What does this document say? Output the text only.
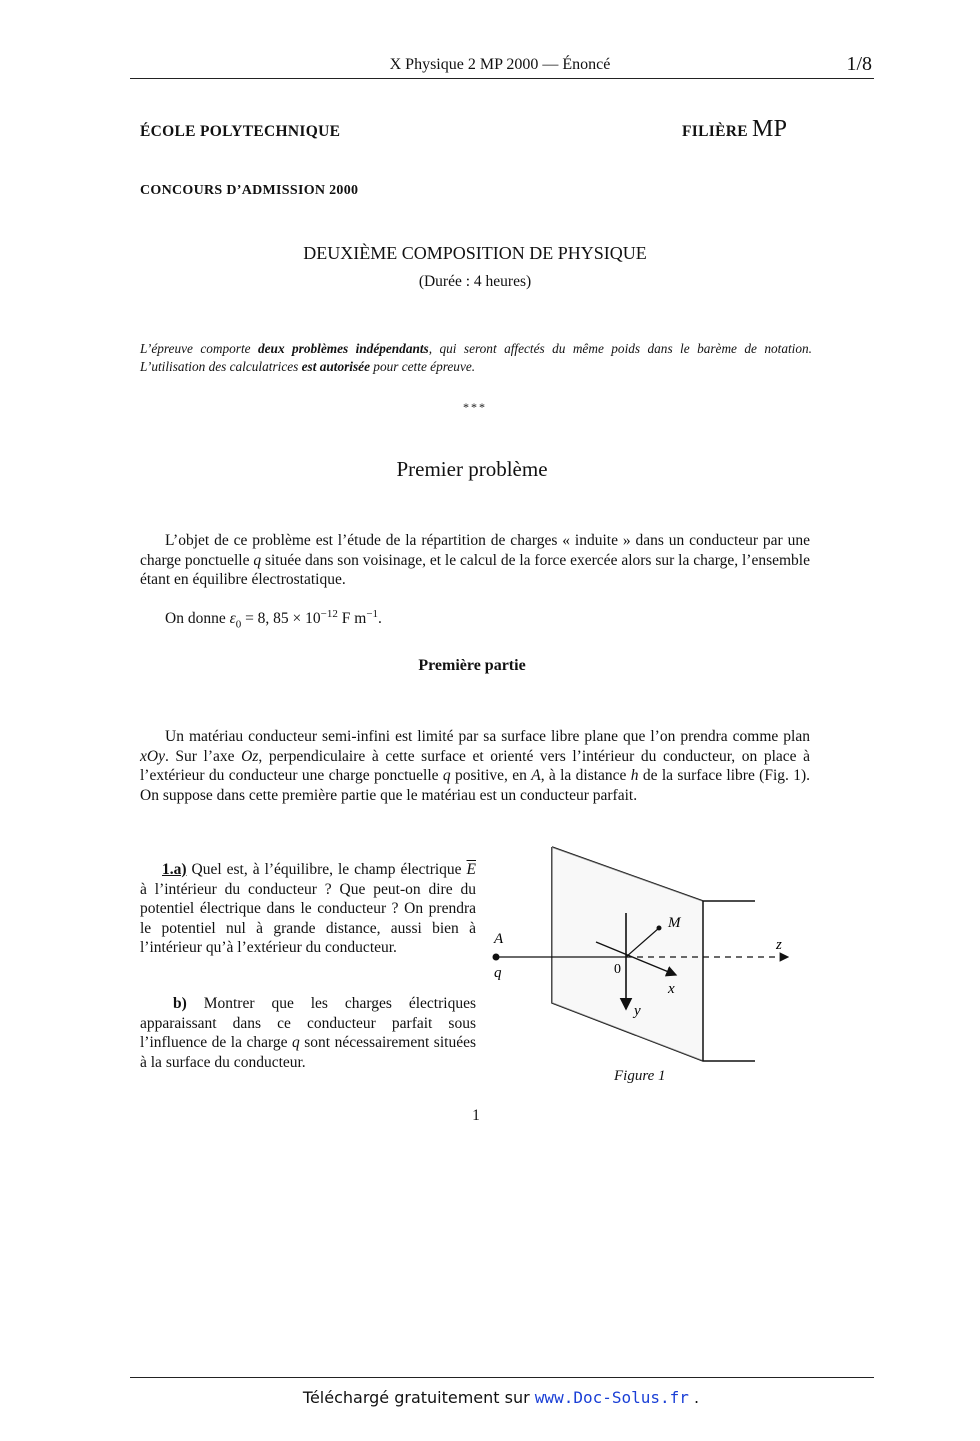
X Physique 2 MP 2000 — Énoncé	1/8
ÉCOLE POLYTECHNIQUE	FILIÈRE MP
CONCOURS D’ADMISSION 2000
DEUXIÈME COMPOSITION DE PHYSIQUE
(Durée : 4 heures)
L’épreuve comporte deux problèmes indépendants, qui seront affectés du même poids dans le barème de notation. L’utilisation des calculatrices est autorisée pour cette épreuve.
***
Premier problème
L’objet de ce problème est l’étude de la répartition de charges « induite » dans un conducteur par une charge ponctuelle q située dans son voisinage, et le calcul de la force exercée alors sur la charge, l’ensemble étant en équilibre électrostatique.
On donne $\varepsilon_0 = 8$, $85 \times 10^{-12}$ F $m^{-1}$.
Première partie
Un matériau conducteur semi-infini est limité par sa surface libre plane que l’on prendra comme plan xOy. Sur l’axe Oz, perpendiculaire à cette surface et orienté vers l’intérieur du conducteur, on place à l’extérieur du conducteur une charge ponctuelle q positive, en A, à la distance h de la surface libre (Fig. 1). On suppose dans cette première partie que le matériau est un conducteur parfait.
1.a) Quel est, à l’équilibre, le champ électrique $\overline{E}$ à l’intérieur du conducteur ? Que peut-on dire du potentiel électrique dans le conducteur ? On prendra le potentiel nul à grande distance, aussi bien à l’intérieur qu’à l’extérieur du conducteur.
b) Montrer que les charges électriques apparaissant dans ce conducteur parfait sous l’influence de la charge q sont nécessairement situées à la surface du conducteur.
A
q
M
z
0
x
y
Figure 1
1
Téléchargé gratuitement sur www.Doc-Solus.fr .
